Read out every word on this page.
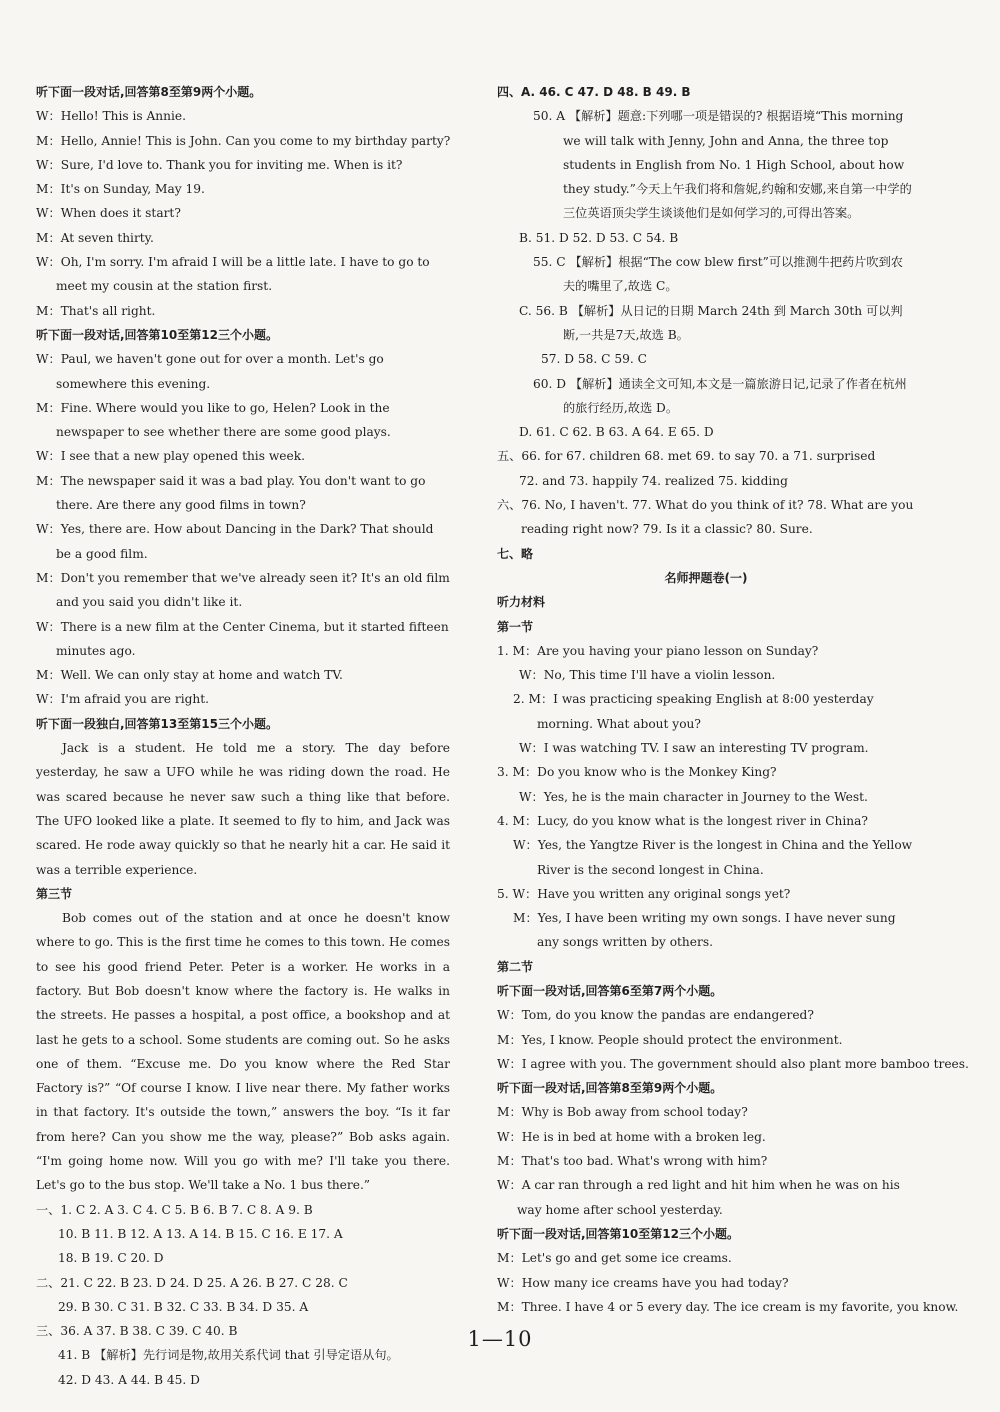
听下面一段对话,回答第8至第9两个小题。
W：Hello! This is Annie.
M：Hello, Annie! This is John. Can you come to my birthday party?
W：Sure, I'd love to. Thank you for inviting me. When is it?
M：It's on Sunday, May 19.
W：When does it start?
M：At seven thirty.
W：Oh, I'm sorry. I'm afraid I will be a little late. I have to go to meet my cousin at the station first.
M：That's all right.
听下面一段对话,回答第10至第12三个小题。
W：Paul, we haven't gone out for over a month. Let's go somewhere this evening.
M：Fine. Where would you like to go, Helen? Look in the newspaper to see whether there are some good plays.
W：I see that a new play opened this week.
M：The newspaper said it was a bad play. You don't want to go there. Are there any good films in town?
W：Yes, there are. How about Dancing in the Dark? That should be a good film.
M：Don't you remember that we've already seen it? It's an old film and you said you didn't like it.
W：There is a new film at the Center Cinema, but it started fifteen minutes ago.
M：Well. We can only stay at home and watch TV.
W：I'm afraid you are right.
听下面一段独白,回答第13至第15三个小题。
Jack is a student. He told me a story. The day before yesterday, he saw a UFO while he was riding down the road. He was scared because he never saw such a thing like that before. The UFO looked like a plate. It seemed to fly to him, and Jack was scared. He rode away quickly so that he nearly hit a car. He said it was a terrible experience.
第三节
Bob comes out of the station and at once he doesn't know where to go. This is the first time he comes to this town. He comes to see his good friend Peter. Peter is a worker. He works in a factory. But Bob doesn't know where the factory is. He walks in the streets. He passes a hospital, a post office, a bookshop and at last he gets to a school. Some students are coming out. So he asks one of them. “Excuse me. Do you know where the Red Star Factory is?” “Of course I know. I live near there. My father works in that factory. It's outside the town,” answers the boy. “Is it far from here? Can you show me the way, please?” Bob asks again. “I'm going home now. Will you go with me? I'll take you there. Let's go to the bus stop. We'll take a No. 1 bus there.”
一、1. C 2. A 3. C 4. C 5. B 6. B 7. C 8. A 9. B
10. B 11. B 12. A 13. A 14. B 15. C 16. E 17. A
18. B 19. C 20. D
二、21. C 22. B 23. D 24. D 25. A 26. B 27. C 28. C
29. B 30. C 31. B 32. C 33. B 34. D 35. A
三、36. A 37. B 38. C 39. C 40. B
41. B 【解析】先行词是物,故用关系代词 that 引导定语从句。
42. D 43. A 44. B 45. D
四、A. 46. C 47. D 48. B 49. B
50. A 【解析】题意:下列哪一项是错误的? 根据语境“This morning we will talk with Jenny, John and Anna, the three top students in English from No. 1 High School, about how they study.”今天上午我们将和詹妮,约翰和安娜,来自第一中学的三位英语顶尖学生谈谈他们是如何学习的,可得出答案。
B. 51. D 52. D 53. C 54. B
55. C 【解析】根据“The cow blew first”可以推测牛把药片吹到农夫的嘴里了,故选 C。
C. 56. B 【解析】从日记的日期 March 24th 到 March 30th 可以判断,一共是7天,故选 B。
57. D 58. C 59. C
60. D 【解析】通读全文可知,本文是一篇旅游日记,记录了作者在杭州的旅行经历,故选 D。
D. 61. C 62. B 63. A 64. E 65. D
五、66. for 67. children 68. met 69. to say 70. a 71. surprised
72. and 73. happily 74. realized 75. kidding
六、76. No, I haven't. 77. What do you think of it? 78. What are you reading right now? 79. Is it a classic? 80. Sure.
七、略
名师押题卷(一)
听力材料
第一节
1. M：Are you having your piano lesson on Sunday?
W：No, This time I'll have a violin lesson.
2. M：I was practicing speaking English at 8:00 yesterday morning. What about you?
W：I was watching TV. I saw an interesting TV program.
3. M：Do you know who is the Monkey King?
W：Yes, he is the main character in Journey to the West.
4. M：Lucy, do you know what is the longest river in China?
W：Yes, the Yangtze River is the longest in China and the Yellow River is the second longest in China.
5. W：Have you written any original songs yet?
M：Yes, I have been writing my own songs. I have never sung any songs written by others.
第二节
听下面一段对话,回答第6至第7两个小题。
W：Tom, do you know the pandas are endangered?
M：Yes, I know. People should protect the environment.
W：I agree with you. The government should also plant more bamboo trees.
听下面一段对话,回答第8至第9两个小题。
M：Why is Bob away from school today?
W：He is in bed at home with a broken leg.
M：That's too bad. What's wrong with him?
W：A car ran through a red light and hit him when he was on his way home after school yesterday.
听下面一段对话,回答第10至第12三个小题。
M：Let's go and get some ice creams.
W：How many ice creams have you had today?
M：Three. I have 4 or 5 every day. The ice cream is my favorite, you know.
1—10
